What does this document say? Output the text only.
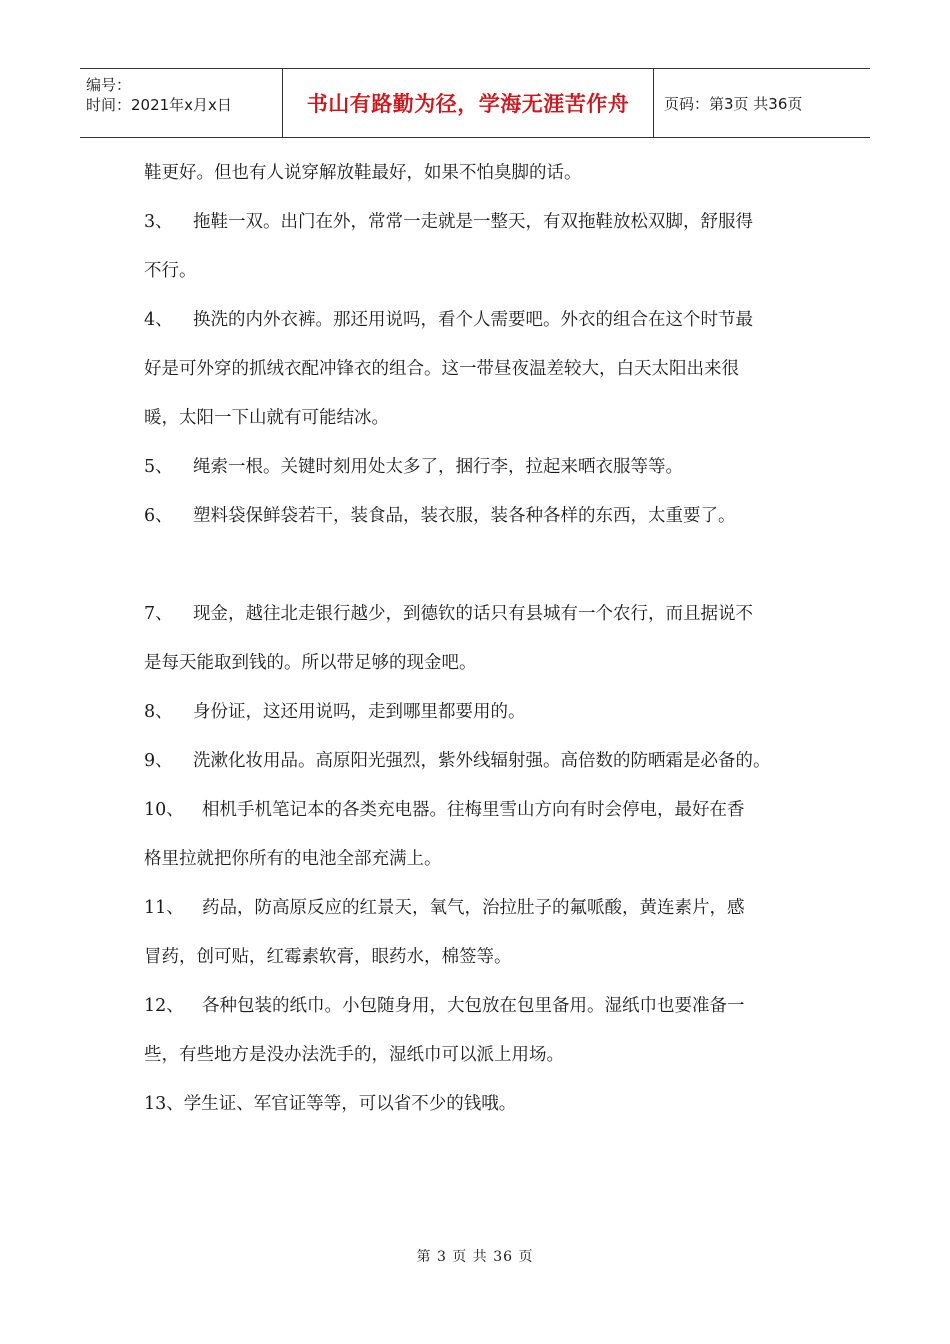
编号：
时间：2021年x月x日	书山有路勤为径，学海无涯苦作舟 页码：第3页 共36页
鞋更好。但也有人说穿解放鞋最好，如果不怕臭脚的话。
3、 拖鞋一双。出门在外，常常一走就是一整天，有双拖鞋放松双脚，舒服得
不行。
4、 换洗的内外衣裤。那还用说吗，看个人需要吧。外衣的组合在这个时节最
好是可外穿的抓绒衣配冲锋衣的组合。这一带昼夜温差较大，白天太阳出来很
暖，太阳一下山就有可能结冰。
5、 绳索一根。关键时刻用处太多了，捆行李，拉起来晒衣服等等。
6、 塑料袋保鲜袋若干，装食品，装衣服，装各种各样的东西，太重要了。
7、 现金，越往北走银行越少，到德钦的话只有县城有一个农行，而且据说不
是每天能取到钱的。所以带足够的现金吧。
8、 身份证，这还用说吗，走到哪里都要用的。
9、 洗漱化妆用品。高原阳光强烈，紫外线辐射强。高倍数的防晒霜是必备的。
10、 相机手机笔记本的各类充电器。往梅里雪山方向有时会停电，最好在香
格里拉就把你所有的电池全部充满上。
11、 药品，防高原反应的红景天，氧气，治拉肚子的氟哌酸，黄连素片，感
冒药，创可贴，红霉素软膏，眼药水，棉签等。
12、 各种包装的纸巾。小包随身用，大包放在包里备用。湿纸巾也要准备一
些，有些地方是没办法洗手的，湿纸巾可以派上用场。
13、学生证、军官证等等，可以省不少的钱哦。
第 3 页 共 36 页
